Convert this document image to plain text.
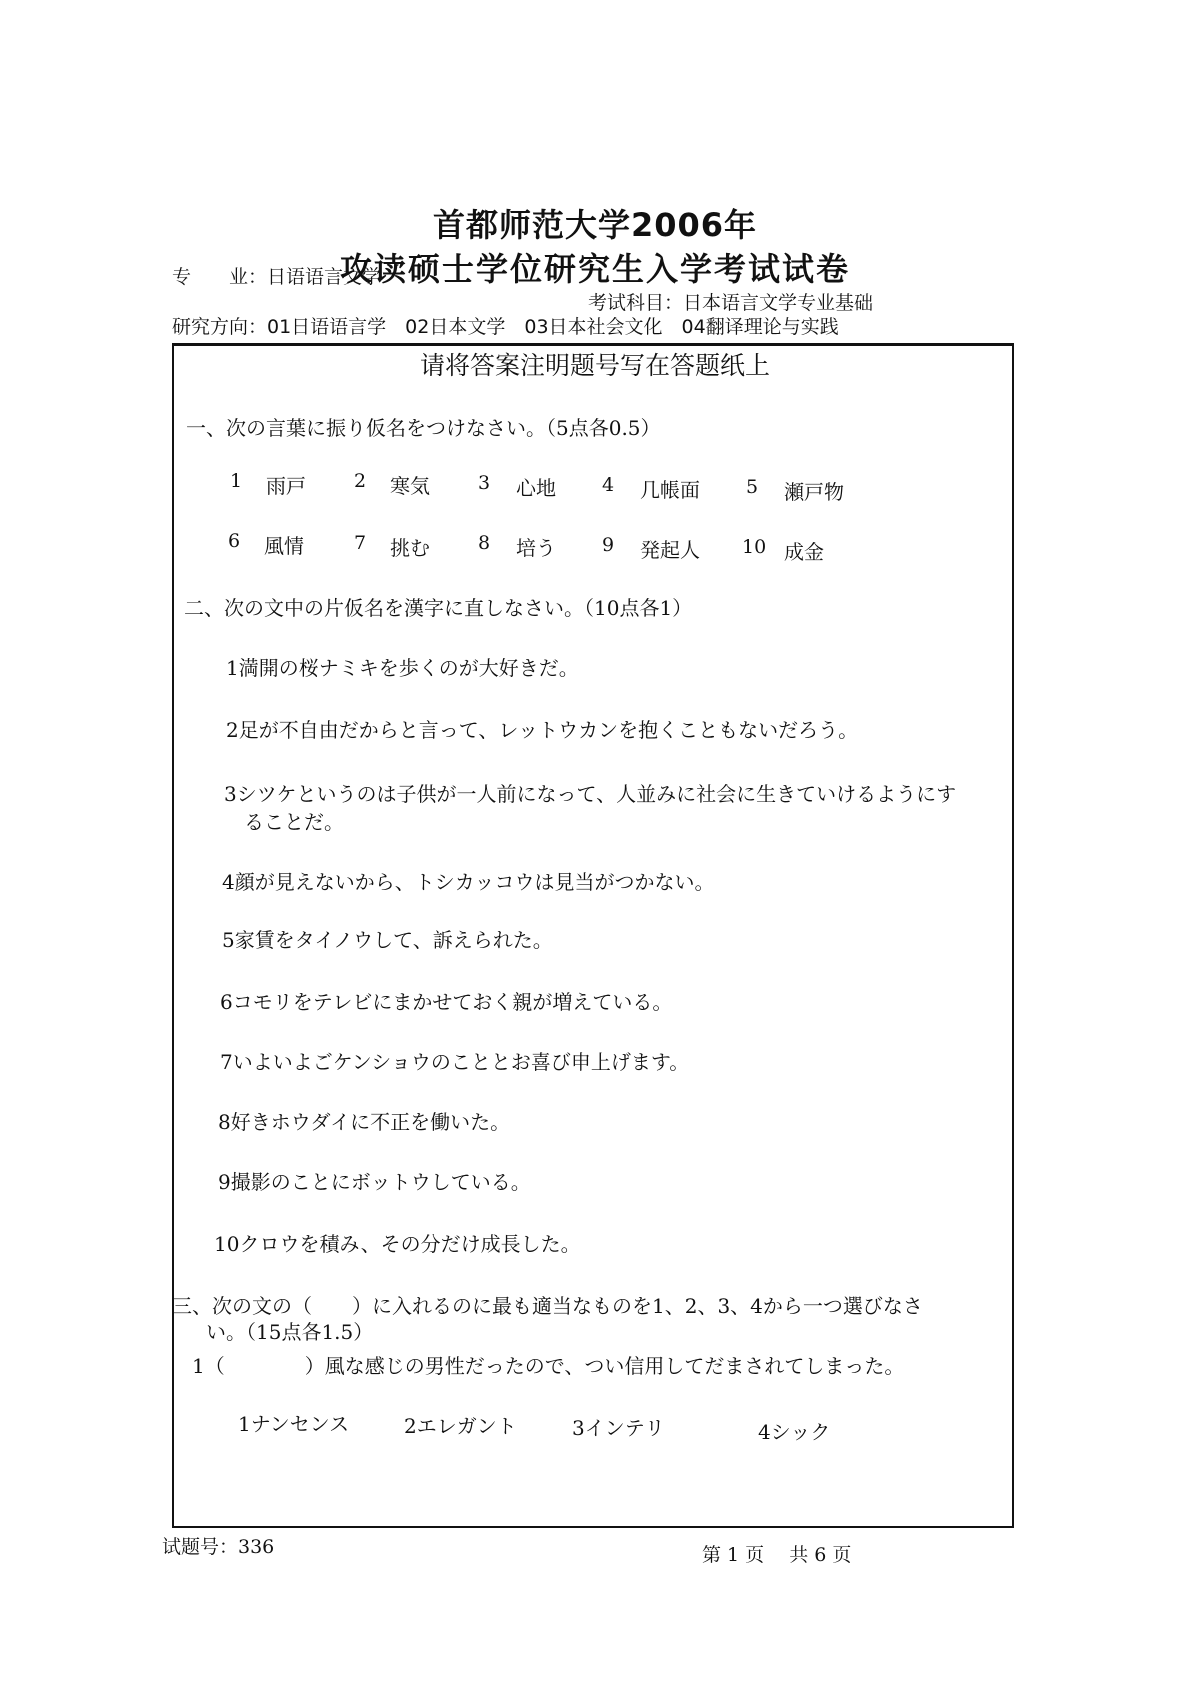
首都师范大学2006年
攻读硕士学位研究生入学考试试卷
专　　业：日语语言文学
考试科目：日本语言文学专业基础
研究方向：01日语语言学　02日本文学　03日本社会文化　04翻译理论与实践
请将答案注明题号写在答题纸上
一、次の言葉に振り仮名をつけなさい。（5点各0.5）
1 雨戸	2 寒気	3 心地 4 几帳面 5 瀬戸物
6 風情	7 挑む	8 培う 9 発起人 10 成金
二、次の文中の片仮名を漢字に直しなさい。（10点各1）
1満開の桜ナミキを歩くのが大好きだ。
2足が不自由だからと言って、レットウカンを抱くこともないだろう。
3シツケというのは子供が一人前になって、人並みに社会に生きていけるようにす
ることだ。
4顔が見えないから、トシカッコウは見当がつかない。
5家賃をタイノウして、訴えられた。
6コモリをテレビにまかせておく親が増えている。
7いよいよごケンショウのこととお喜び申上げます。
8好きホウダイに不正を働いた。
9撮影のことにボットウしている。
10クロウを積み、その分だけ成長した。
三、次の文の（　　）に入れるのに最も適当なものを1、2、3、4から一つ選びなさ
い。（15点各1.5）
1（　　　　）風な感じの男性だったので、つい信用してだまされてしまった。
1ナンセンス	2エレガント	3インテリ	4シック
试题号：336	第 1 页　 共 6 页
